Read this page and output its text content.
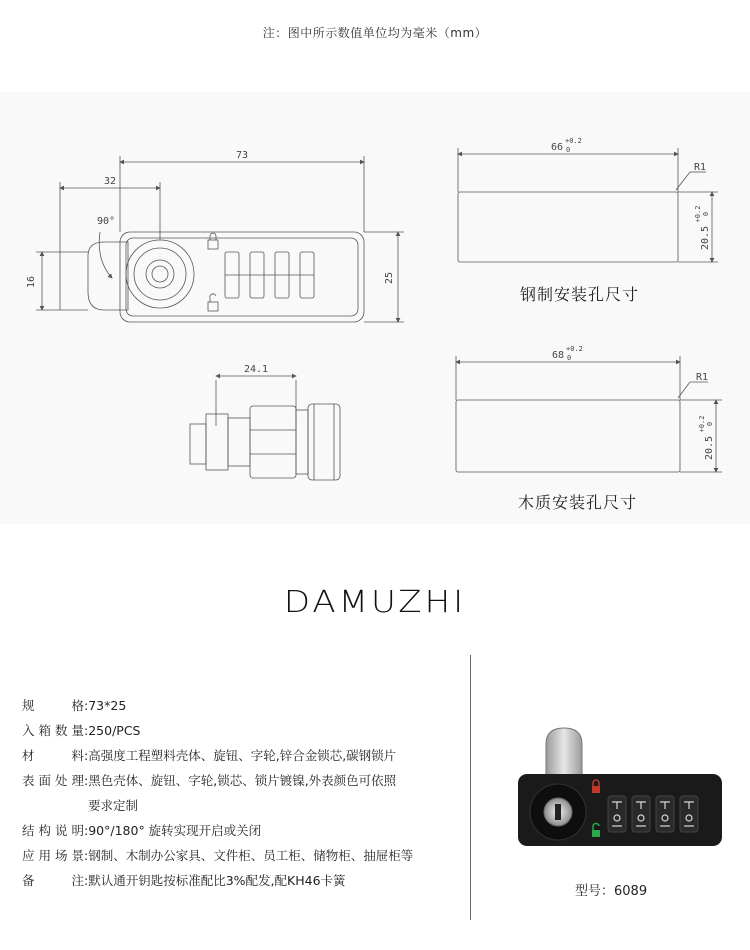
注：图中所示数值单位均为毫米（mm）
73
32
90°
16	25
24.1
66
+0.2
0
R1
20.5
+0.2 0
68
+0.2
0
R1
20.5
+0.2 0
钢制安装孔尺寸
木质安装孔尺寸
DAMUZHI
规　　格 : 73*25
入箱数量 : 250/PCS
材　　料 : 高强度工程塑料壳体、旋钮、字轮,锌合金锁芯,碳钢锁片
表面处理 : 黑色壳体、旋钮、字轮,锁芯、锁片镀镍,外表颜色可依照

要求定制
结构说明 : 90°/180° 旋转实现开启或关闭
应用场景 : 钢制、木制办公家具、文件柜、员工柜、储物柜、抽屉柜等
备　　注 : 默认通开钥匙按标准配比3%配发,配KH46卡簧
型号：6089
